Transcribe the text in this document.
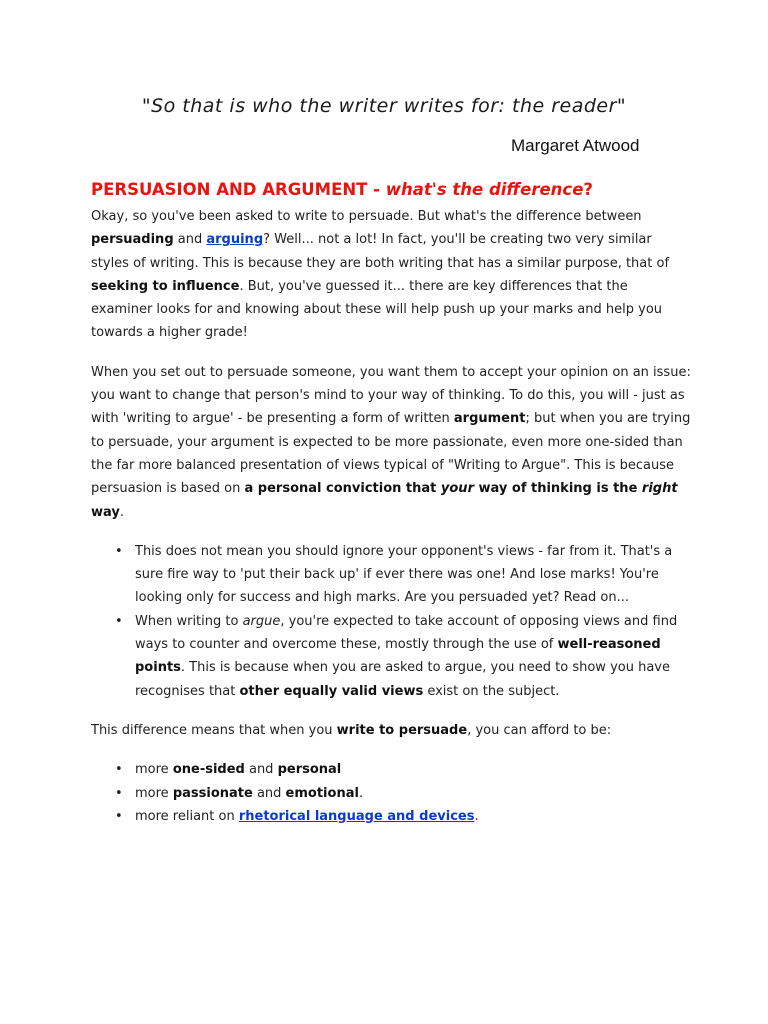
"So that is who the writer writes for: the reader"
Margaret Atwood
PERSUASION AND ARGUMENT - what's the difference?

Okay, so you've been asked to write to persuade. But what's the difference between persuading and arguing? Well... not a lot! In fact, you'll be creating two very similar styles of writing. This is because they are both writing that has a similar purpose, that of seeking to influence. But, you've guessed it... there are key differences that the examiner looks for and knowing about these will help push up your marks and help you towards a higher grade!

When you set out to persuade someone, you want them to accept your opinion on an issue: you want to change that person's mind to your way of thinking. To do this, you will - just as with 'writing to argue' - be presenting a form of written argument; but when you are trying to persuade, your argument is expected to be more passionate, even more one-sided than the far more balanced presentation of views typical of "Writing to Argue". This is because persuasion is based on a personal conviction that your way of thinking is the right way.

• This does not mean you should ignore your opponent's views - far from it. That's a sure fire way to 'put their back up' if ever there was one! And lose marks! You're looking only for success and high marks. Are you persuaded yet? Read on...
• When writing to argue, you're expected to take account of opposing views and find ways to counter and overcome these, mostly through the use of well-reasoned points. This is because when you are asked to argue, you need to show you have recognises that other equally valid views exist on the subject.

This difference means that when you write to persuade, you can afford to be:

• more one-sided and personal
• more passionate and emotional.
• more reliant on rhetorical language and devices.
